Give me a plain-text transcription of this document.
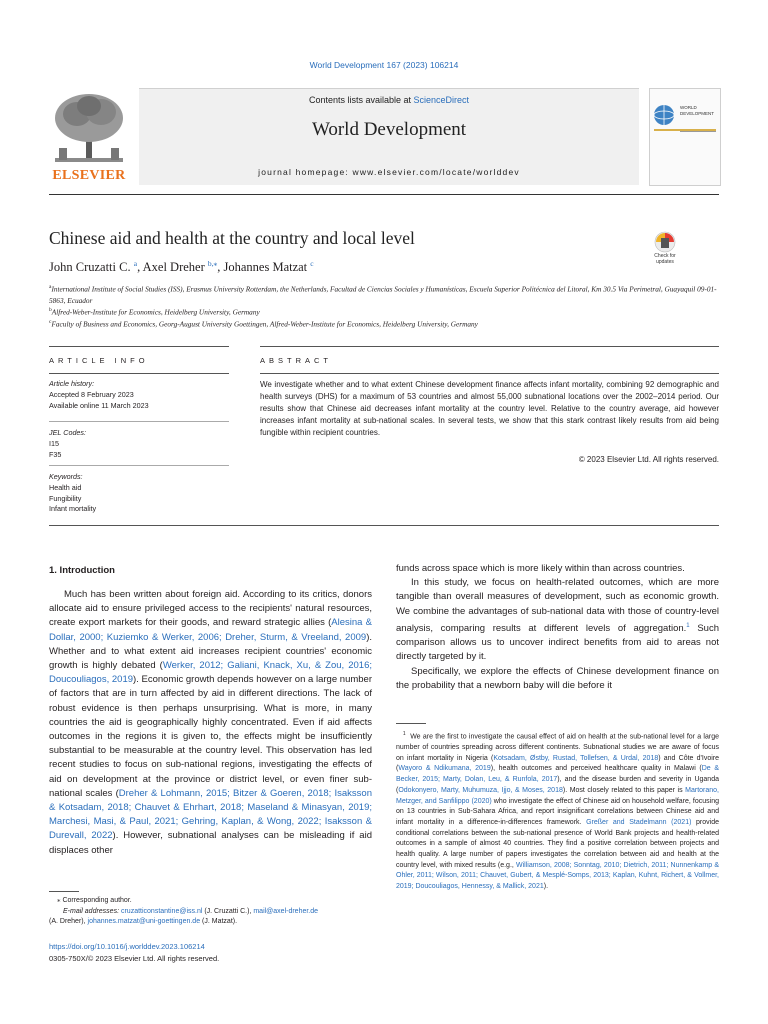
World Development 167 (2023) 106214
ELSEVIER
Contents lists available at ScienceDirect
World Development
journal homepage: www.elsevier.com/locate/worlddev
WORLD
DEVELOPMENT
Chinese aid and health at the country and local level
Check for
updates
John Cruzatti C. $^a$, Axel Dreher $^{b,⁎}$, Johannes Matzat $^c$
$^a$International Institute of Social Studies (ISS), Erasmus University Rotterdam, the Netherlands, Facultad de Ciencias Sociales y Humanísticas, Escuela Superior Politécnica del Litoral, Km 30.5 Via Perimetral, Guayaquil 09-01-5863, Ecuador
$^b$Alfred-Weber-Institute for Economics, Heidelberg University, Germany
$^c$Faculty of Business and Economics, Georg-August University Goettingen, Alfred-Weber-Institute for Economics, Heidelberg University, Germany
ARTICLE INFO	ABSTRACT
Article history:
Accepted 8 February 2023
Available online 11 March 2023
JEL Codes:
I15
F35
Keywords:
Health aid
Fungibility
Infant mortality
We investigate whether and to what extent Chinese development finance affects infant mortality, combining 92 demographic and health surveys (DHS) for a maximum of 53 countries and almost 55,000 subnational locations over the 2002–2014 period. Our results show that Chinese aid decreases infant mortality at the country level. Relative to the country average, aid however increases infant mortality at sub-national scales. In several tests, we show that this stark contrast likely results from aid being fungible within recipient countries.
© 2023 Elsevier Ltd. All rights reserved.
1. Introduction

Much has been written about foreign aid. According to its critics, donors allocate aid to ensure privileged access to the recipients' natural resources, create export markets for their goods, and reward strategic allies (Alesina & Dollar, 2000; Kuziemko & Werker, 2006; Dreher, Sturm, & Vreeland, 2009). Whether and to what extent aid increases recipient countries' economic growth is highly debated (Werker, 2012; Galiani, Knack, Xu, & Zou, 2016; Doucouliagos, 2019). Economic growth depends however on a large number of factors that are in turn affected by aid in different directions. The lack of robust evidence is then perhaps unsurprising. What is more, in many countries the aid is geographically highly concentrated. Even if aid affects outcomes in the regions it is given to, the effects might be insufficiently substantial to be measurable at the country level. This observation has led recent studies to focus on sub-national regions, investigating the effects of aid on development at the province or district level, or even finer sub-national scales (Dreher & Lohmann, 2015; Bitzer & Goeren, 2018; Isaksson & Kotsadam, 2018; Chauvet & Ehrhart, 2018; Maseland & Minasyan, 2019; Marchesi, Masi, & Paul, 2021; Gehring, Kaplan, & Wong, 2022; Isaksson & Durevall, 2022). However, subnational analyses can be misleading if aid displaces other

funds across space which is more likely within than across countries.

In this study, we focus on health-related outcomes, which are more tangible than overall measures of development, such as economic growth. We combine the advantages of sub-national data with those of country-level analysis, comparing results at different levels of aggregation.$^1$ Such comparison allows us to uncover indirect benefits from aid to areas not directly targeted by it.

Specifically, we explore the effects of Chinese development finance on the probability that a newborn baby will die before it

$^1$ We are the first to investigate the causal effect of aid on health at the sub-national level for a large number of countries spreading across different continents. Subnational studies we are aware of focus on infant mortality in Nigeria (Kotsadam, Østby, Rustad, Tollefsen, & Urdal, 2018) and Côte d'Ivoire (Wayoro & Ndikumana, 2019), health outcomes and perceived healthcare quality in Malawi (De & Becker, 2015; Marty, Dolan, Leu, & Runfola, 2017), and the disease burden and severity in Uganda (Odokonyero, Marty, Muhumuza, Ijjo, & Moses, 2018). Most closely related to this paper is Martorano, Metzger, and Sanfilippo (2020) who investigate the effect of Chinese aid on household welfare, focusing on 13 countries in Sub-Sahara Africa, and report insignificant correlations between Chinese aid and infant mortality in a difference-in-differences framework. Greßer and Stadelmann (2021) provide conditional correlations between the sub-national presence of World Bank projects and health-related outcomes in a sample of almost 40 countries. They find a positive correlation between projects and health quality. A large number of papers investigates the correlation between aid and health at the country level, with mixed results (e.g., Williamson, 2008; Sonntag, 2010; Dietrich, 2011; Nunnenkamp & Ohler, 2011; Wilson, 2011; Chauvet, Gubert, & Mesplé-Somps, 2013; Kaplan, Kuhnt, Richert, & Vollmer, 2019; Doucouliagos, Hennessy, & Mallick, 2021).
⁎ Corresponding author.
E-mail addresses: cruzatticonstantine@iss.nl (J. Cruzatti C.), mail@axel-dreher.de
(A. Dreher), johannes.matzat@uni-goettingen.de (J. Matzat).
https://doi.org/10.1016/j.worlddev.2023.106214
0305-750X/© 2023 Elsevier Ltd. All rights reserved.
